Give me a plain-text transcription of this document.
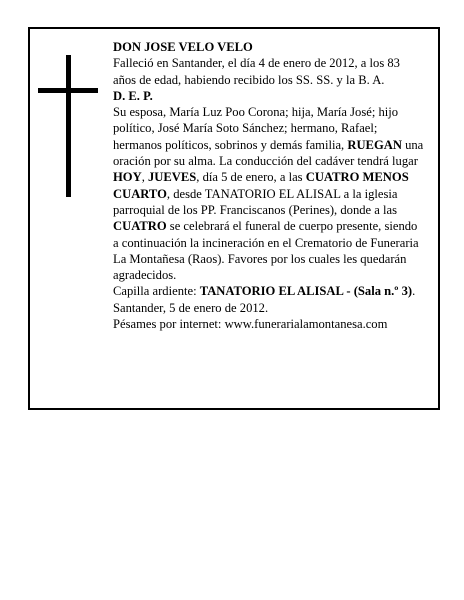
DON JOSE VELO VELO

Falleció en Santander, el día 4 de enero de 2012, a los 83 años de edad, habiendo recibido los SS. SS. y la B. A.

D. E. P.

Su esposa, María Luz Poo Corona; hija, María José; hijo político, José María Soto Sánchez; hermano, Rafael; hermanos políticos, sobrinos y demás familia, RUEGAN una oración por su alma. La conducción del cadáver tendrá lugar HOY, JUEVES, día 5 de enero, a las CUATRO MENOS CUARTO, desde TANATORIO EL ALISAL a la iglesia parroquial de los PP. Franciscanos (Perines), donde a las CUATRO se celebrará el funeral de cuerpo presente, siendo a continuación la incineración en el Crematorio de Funeraria La Montañesa (Raos). Favores por los cuales les quedarán agradecidos.

Capilla ardiente: TANATORIO EL ALISAL - (Sala n.º 3).

Santander, 5 de enero de 2012.

Pésames por internet: www.funerarialamontanesa.com
